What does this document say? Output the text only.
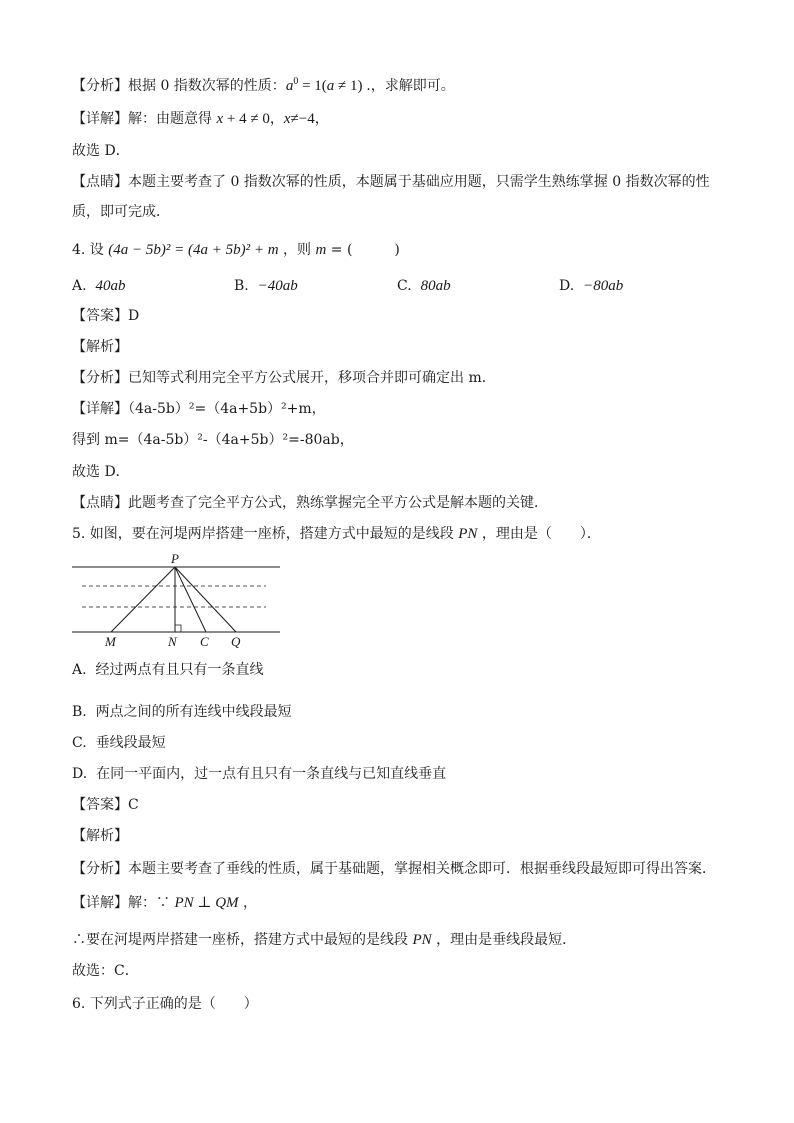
【分析】根据 0 指数次幂的性质：$a^0 = 1(a \ne 1)$ .，求解即可。
【详解】解：由题意得 x + 4 ≠ 0，x≠−4，
故选 D．
【点睛】本题主要考查了 0 指数次幂的性质，本题属于基础应用题，只需学生熟练掌握 0 指数次幂的性
质，即可完成．
4. 设 (4a − 5b)² = (4a + 5b)² + m ，则 m = (　　　)
A. 40ab	B. −40ab	C. 80ab	D. −80ab
【答案】D
【解析】
【分析】已知等式利用完全平方公式展开，移项合并即可确定出 m．
【详解】（4a-5b）²=（4a+5b）²+m，
得到 m=（4a-5b）²-（4a+5b）²=-80ab，
故选 D．
【点睛】此题考查了完全平方公式，熟练掌握完全平方公式是解本题的关键．
5. 如图，要在河堤两岸搭建一座桥，搭建方式中最短的是线段 PN ，理由是（　　）．
P
M	N C Q
A. 经过两点有且只有一条直线
B. 两点之间的所有连线中线段最短
C. 垂线段最短
D. 在同一平面内，过一点有且只有一条直线与已知直线垂直
【答案】C
【解析】
【分析】本题主要考查了垂线的性质，属于基础题，掌握相关概念即可．根据垂线段最短即可得出答案．
【详解】解：∵ PN ⊥ QM ，
∴要在河堤两岸搭建一座桥，搭建方式中最短的是线段 PN ，理由是垂线段最短．
故选：C．
6. 下列式子正确的是（　　）
